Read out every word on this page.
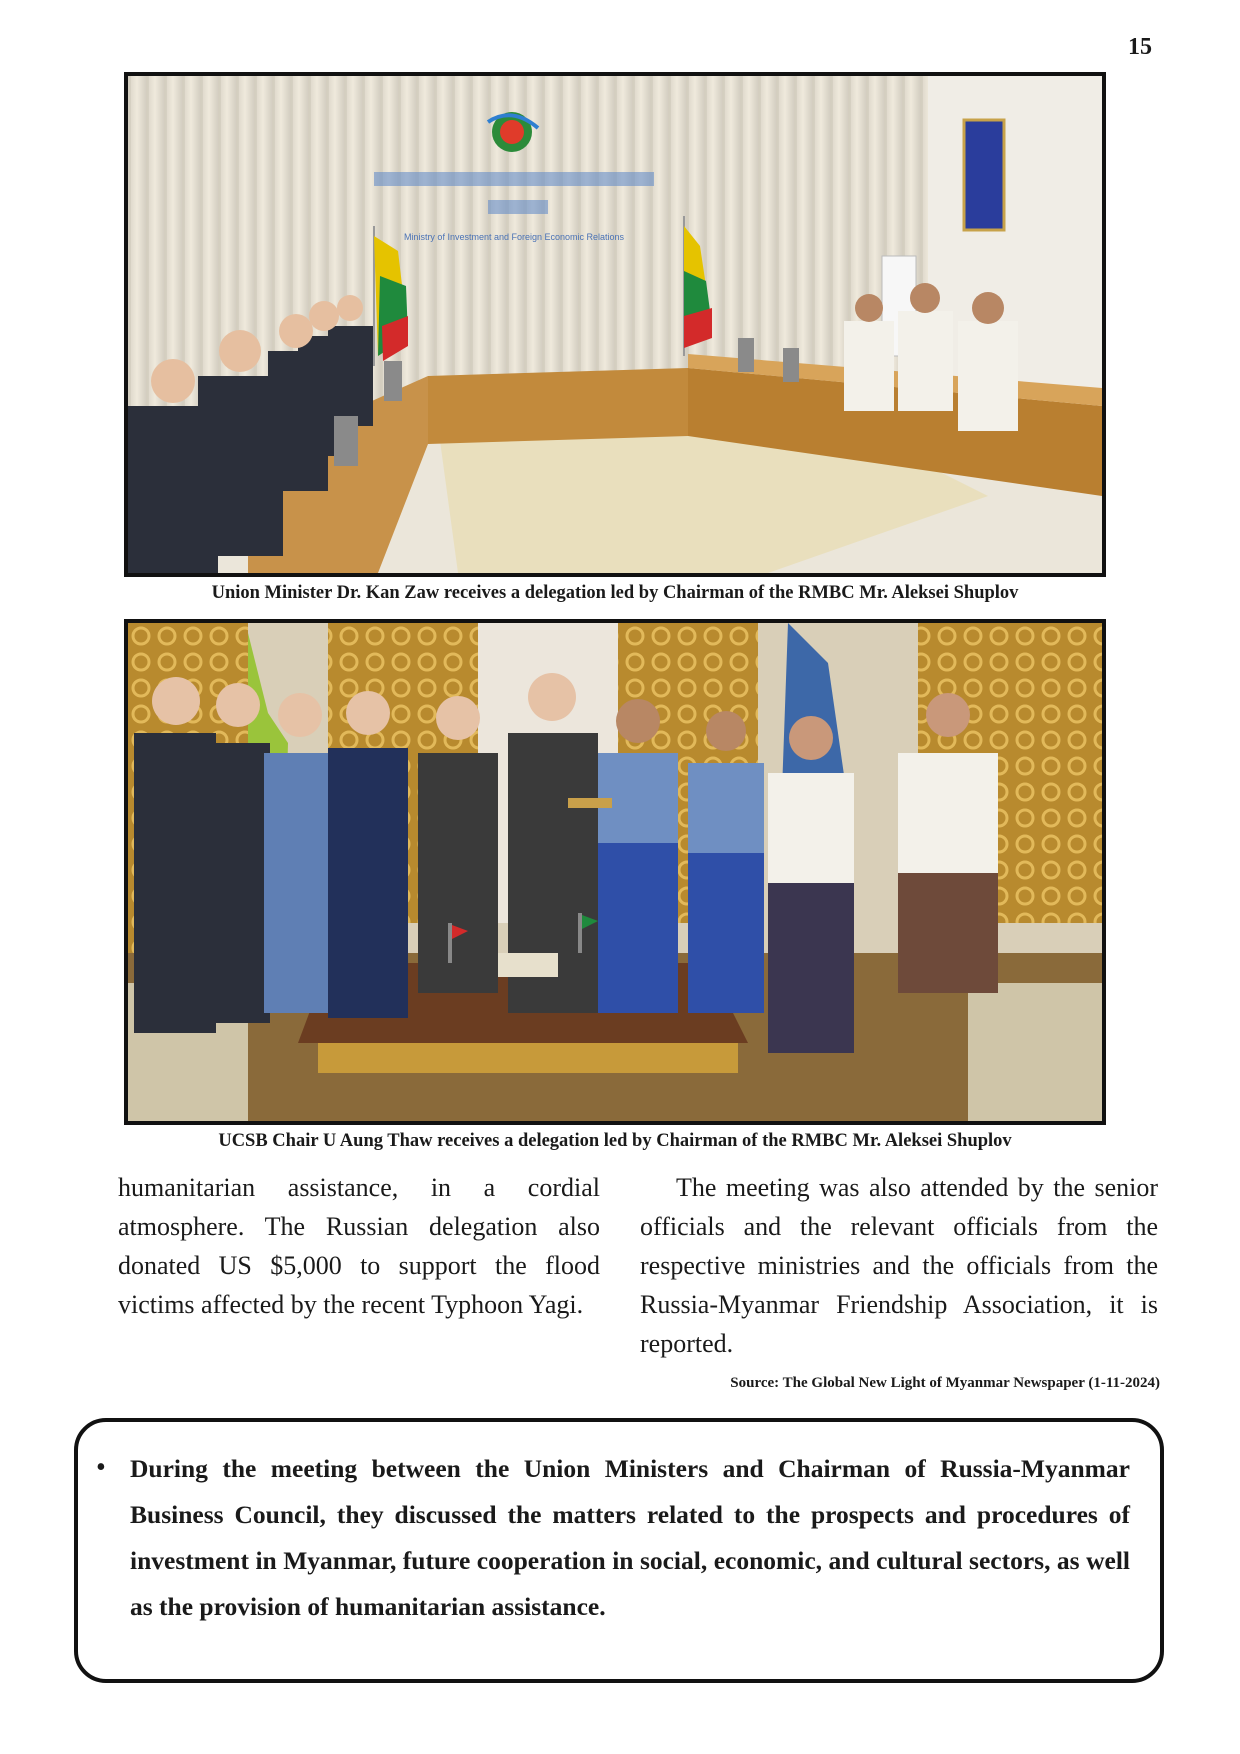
15
Ministry of Investment and Foreign Economic Relations
Union Minister Dr. Kan Zaw receives a delegation led by Chairman of the RMBC Mr. Aleksei Shuplov
UCSB Chair U Aung Thaw receives a delegation led by Chairman of the RMBC Mr. Aleksei Shuplov

humanitarian assistance, in a cordial atmosphere. The Russian delegation also donated US $5,000 to support the flood victims affected by the recent Typhoon Yagi.

The meeting was also attended by the senior officials and the relevant officials from the respective ministries and the officials from the Russia-Myanmar Friendship Association, it is reported.

Source: The Global New Light of Myanmar Newspaper (1-11-2024)
• During the meeting between the Union Ministers and Chairman of Russia-Myanmar Business Council, they discussed the matters related to the prospects and procedures of investment in Myanmar, future cooperation in social, economic, and cultural sectors, as well as the provision of humanitarian assistance.
